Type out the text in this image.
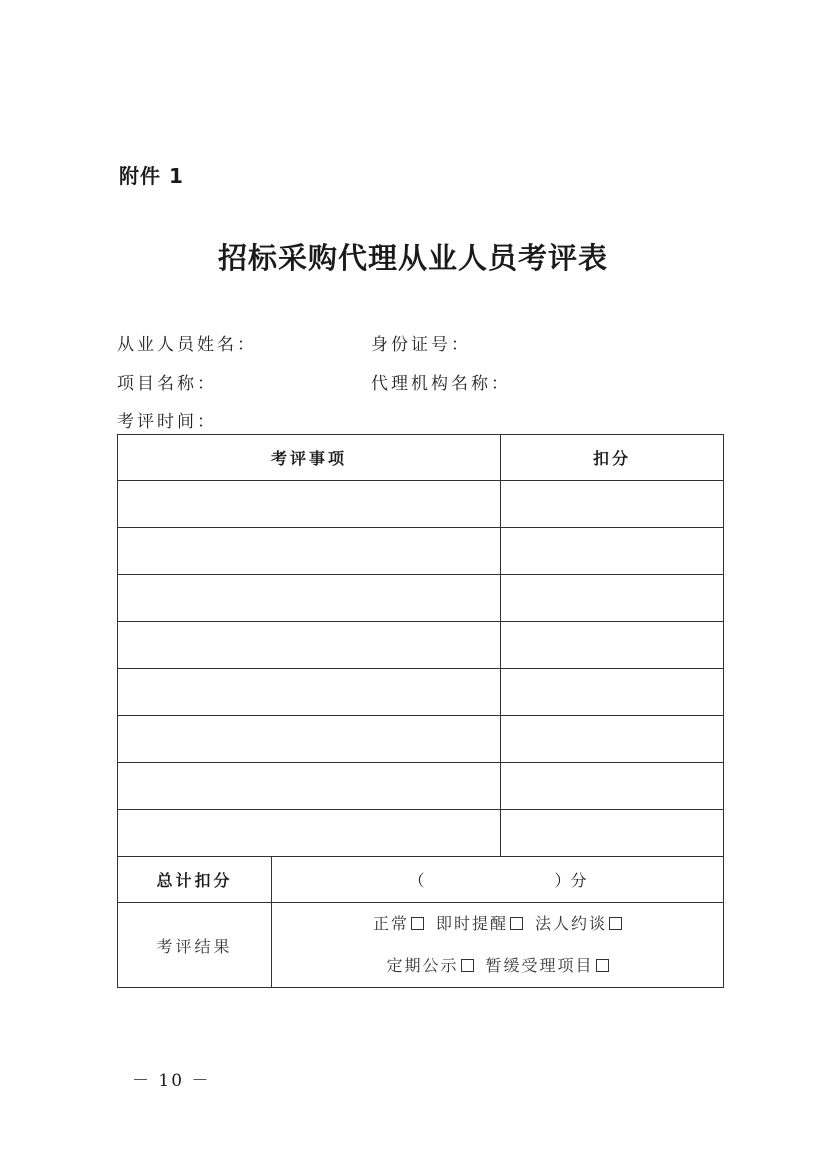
附件 1
招标采购代理从业人员考评表
从业人员姓名：	身份证号：
项目名称：	代理机构名称：
考评时间：
考评事项		扣分

总计扣分	（ ）分	
考评结果	正常 即时提醒 法人约谈
定期公示 暂缓受理项目	
－ 10 －
